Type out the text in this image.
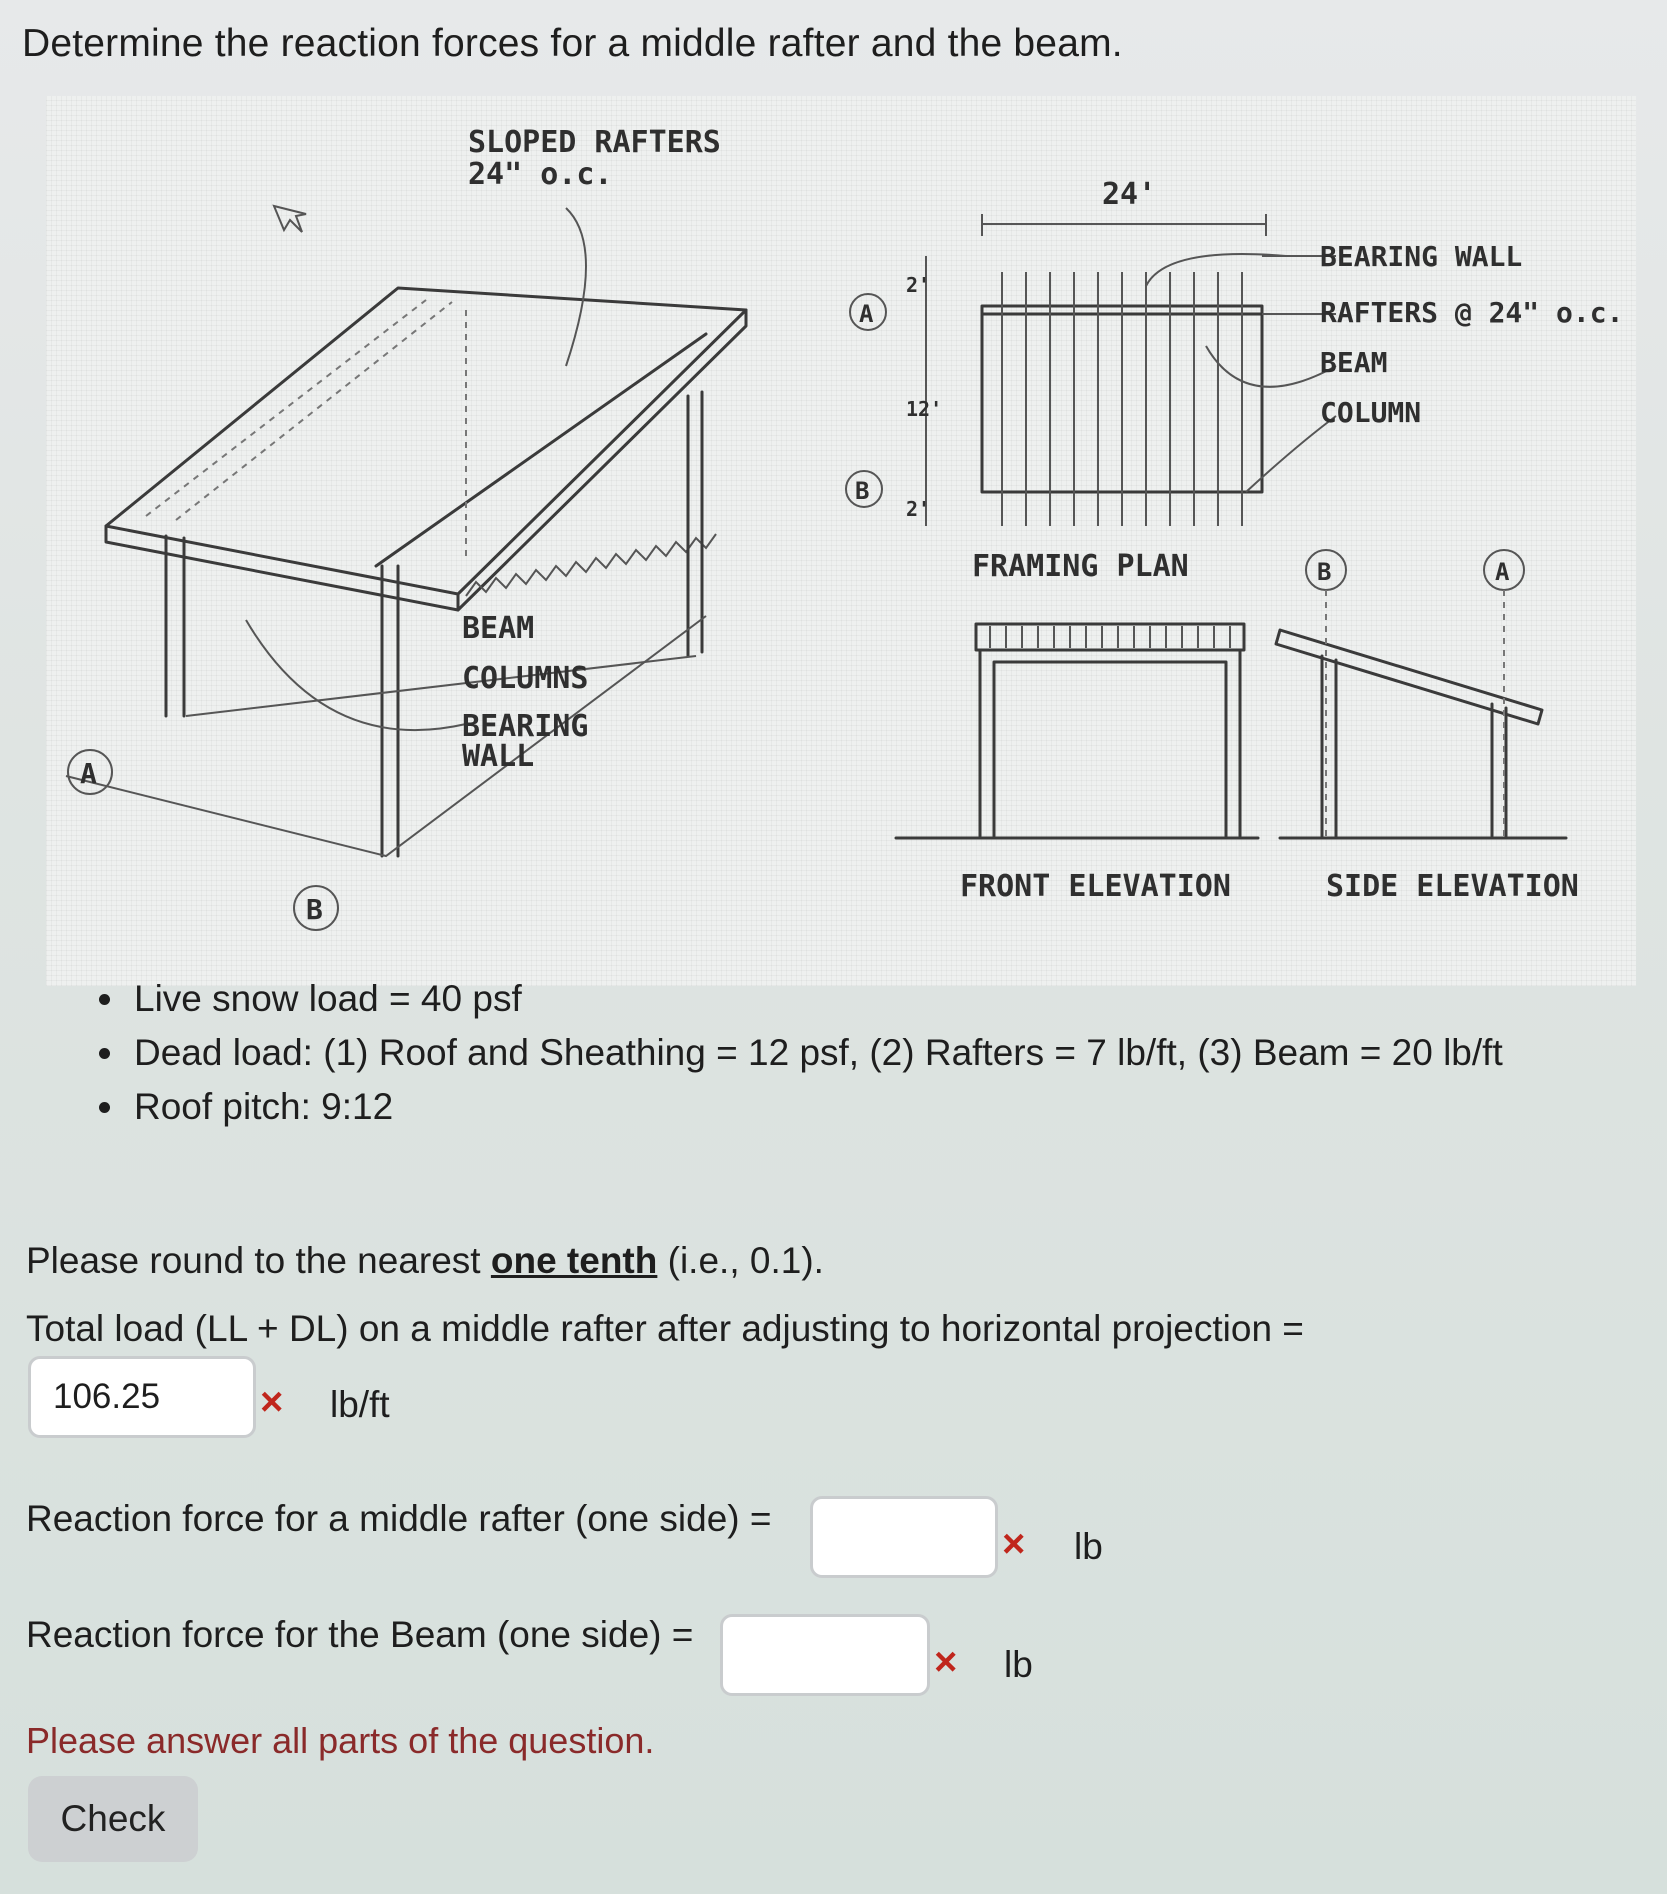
Determine the reaction forces for a middle rafter and the beam.
SLOPED RAFTERS
24" o.c.
BEAM
COLUMNS
BEARING
WALL
A
B
A
B
24'
2'
12'
2'
BEARING WALL
RAFTERS @ 24" o.c.
BEAM
COLUMN
FRAMING PLAN	B	A
FRONT ELEVATION	SIDE ELEVATION
• Live snow load = 40 psf
• Dead load: (1) Roof and Sheathing = 12 psf, (2) Rafters = 7 lb/ft, (3) Beam = 20 lb/ft
• Roof pitch: 9:12
Please round to the nearest one tenth (i.e., 0.1).
Total load (LL + DL) on a middle rafter after adjusting to horizontal projection =
106.25	× lb/ft
Reaction force for a middle rafter (one side) =
× lb
Reaction force for the Beam (one side) =
× lb
Please answer all parts of the question.
Check
